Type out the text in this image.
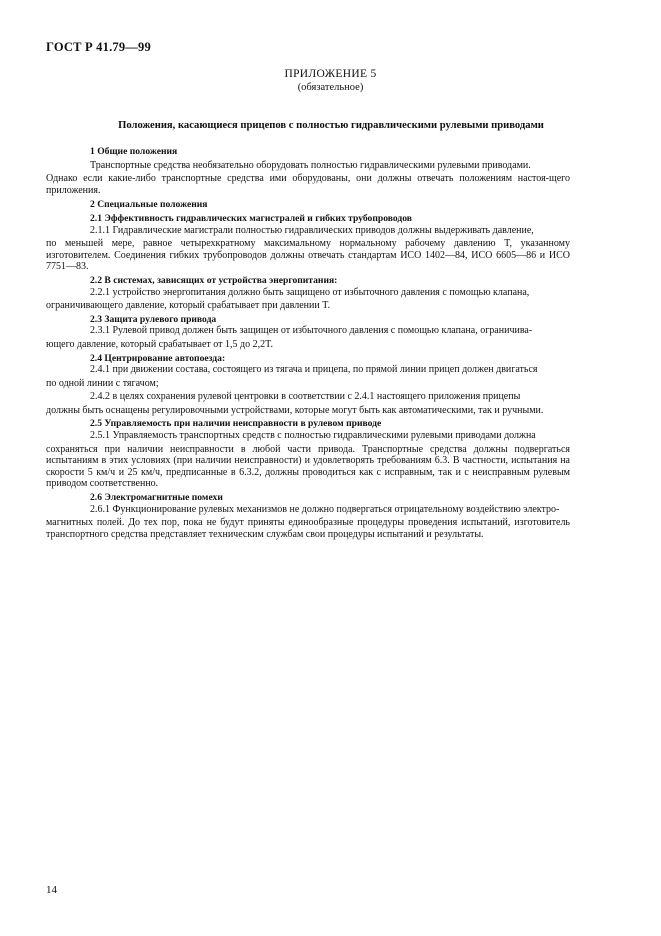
ГОСТ Р 41.79—99
ПРИЛОЖЕНИЕ 5
(обязательное)
Положения, касающиеся прицепов с полностью гидравлическими рулевыми приводами
1 Общие положения
Транспортные средства необязательно оборудовать полностью гидравлическими рулевыми приводами.
Однако если какие-либо транспортные средства ими оборудованы, они должны отвечать положениям настоя-щего приложения.
2 Специальные положения
2.1 Эффективность гидравлических магистралей и гибких трубопроводов
2.1.1 Гидравлические магистрали полностью гидравлических приводов должны выдерживать давление,
по меньшей мере, равное четырехкратному максимальному нормальному рабочему давлению T, указанному изготовителем. Соединения гибких трубопроводов должны отвечать стандартам ИСО 1402—84, ИСО 6605—86 и ИСО 7751—83.
2.2 В системах, зависящих от устройства энергопитания:
2.2.1 устройство энергопитания должно быть защищено от избыточного давления с помощью клапана,
ограничивающего давление, который срабатывает при давлении T.
2.3 Защита рулевого привода
2.3.1 Рулевой привод должен быть защищен от избыточного давления с помощью клапана, ограничива-
ющего давление, который срабатывает от 1,5 до 2,2T.
2.4 Центрирование автопоезда:
2.4.1 при движении состава, состоящего из тягача и прицепа, по прямой линии прицеп должен двигаться
по одной линии с тягачом;
2.4.2 в целях сохранения рулевой центровки в соответствии с 2.4.1 настоящего приложения прицепы
должны быть оснащены регулировочными устройствами, которые могут быть как автоматическими, так и ручными.
2.5 Управляемость при наличии неисправности в рулевом приводе
2.5.1 Управляемость транспортных средств с полностью гидравлическими рулевыми приводами должна
сохраняться при наличии неисправности в любой части привода. Транспортные средства должны подвергаться испытаниям в этих условиях (при наличии неисправности) и удовлетворять требованиям 6.3. В частности, испытания на скорости 5 км/ч и 25 км/ч, предписанные в 6.3.2, должны проводиться как с исправным, так и с неисправным рулевым приводом соответственно.
2.6 Электромагнитные помехи
2.6.1 Функционирование рулевых механизмов не должно подвергаться отрицательному воздействию электро-
магнитных полей. До тех пор, пока не будут приняты единообразные процедуры проведения испытаний, изготовитель транспортного средства представляет техническим службам свои процедуры испытаний и результаты.
14
